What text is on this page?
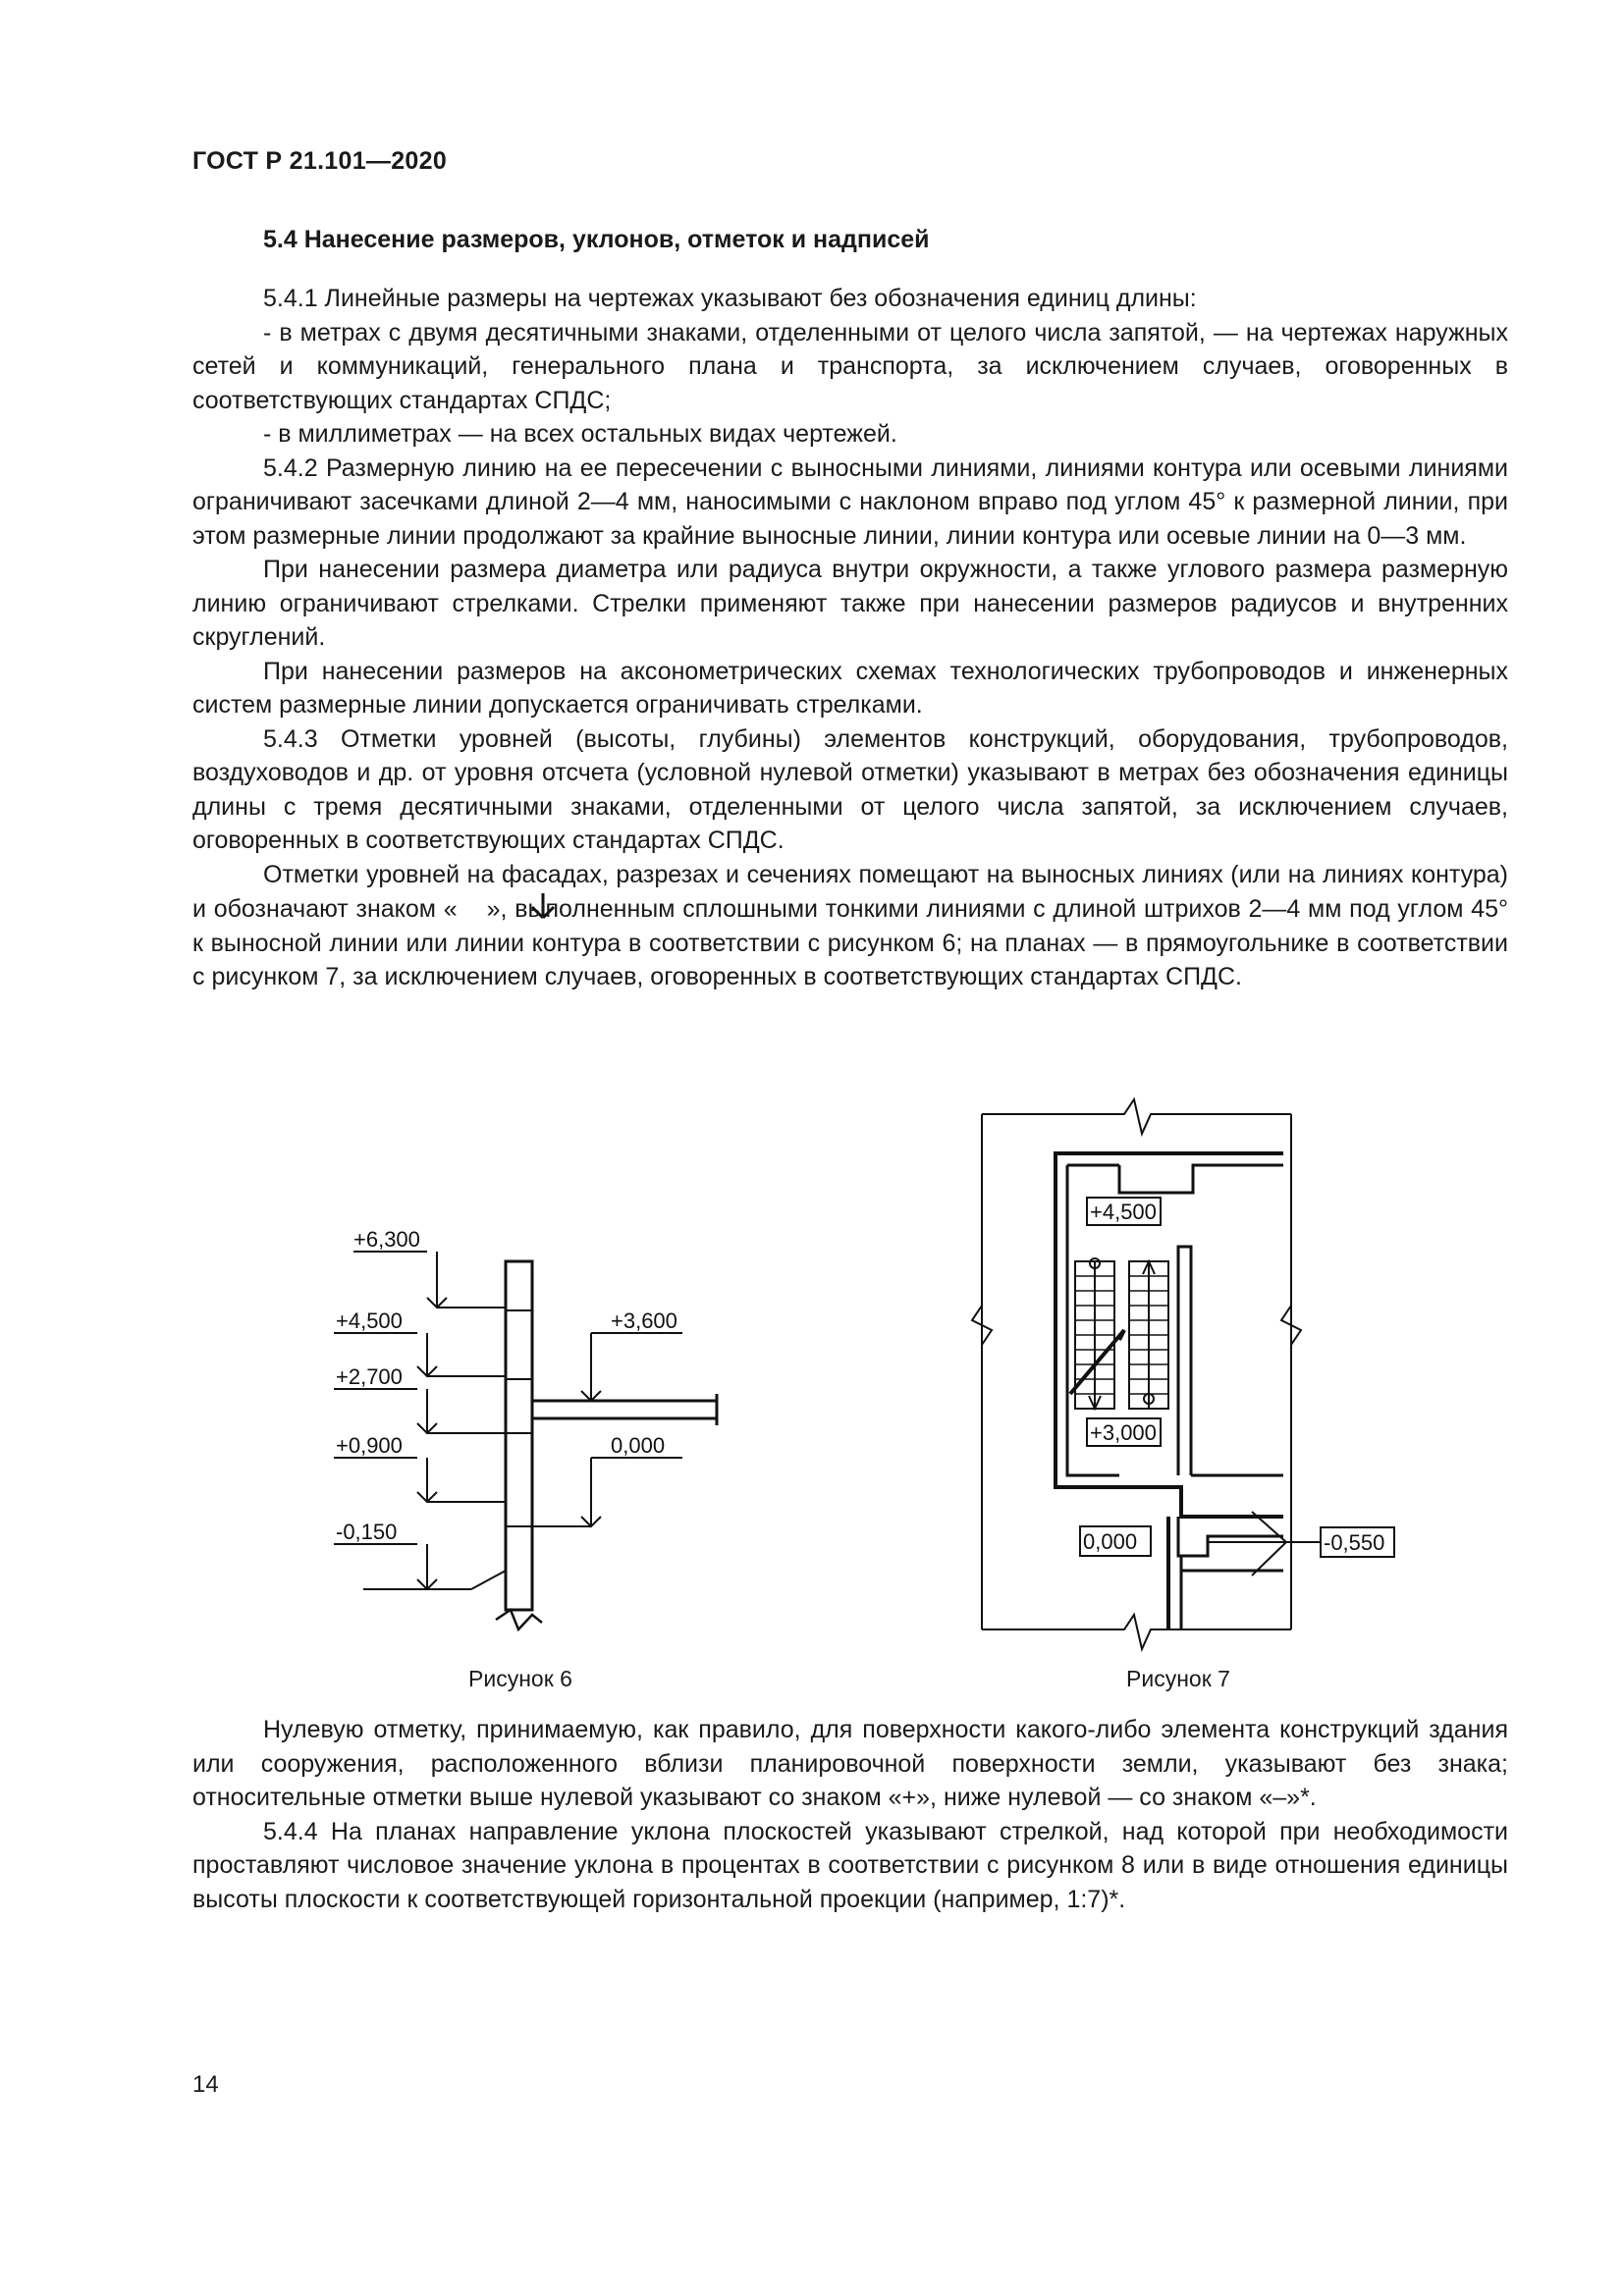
ГОСТ Р 21.101—2020
5.4 Нанесение размеров, уклонов, отметок и надписей

5.4.1 Линейные размеры на чертежах указывают без обозначения единиц длины:

- в метрах с двумя десятичными знаками, отделенными от целого числа запятой, — на чертежах наружных сетей и коммуникаций, генерального плана и транспорта, за исключением случаев, оговоренных в соответствующих стандартах СПДС;

- в миллиметрах — на всех остальных видах чертежей.

5.4.2 Размерную линию на ее пересечении с выносными линиями, линиями контура или осевыми линиями ограничивают засечками длиной 2—4 мм, наносимыми с наклоном вправо под углом 45° к размерной линии, при этом размерные линии продолжают за крайние выносные линии, линии контура или осевые линии на 0—3 мм.

При нанесении размера диаметра или радиуса внутри окружности, а также углового размера размерную линию ограничивают стрелками. Стрелки применяют также при нанесении размеров радиусов и внутренних скруглений.

При нанесении размеров на аксонометрических схемах технологических трубопроводов и инженерных систем размерные линии допускается ограничивать стрелками.

5.4.3 Отметки уровней (высоты, глубины) элементов конструкций, оборудования, трубопроводов, воздуховодов и др. от уровня отсчета (условной нулевой отметки) указывают в метрах без обозначения единицы длины с тремя десятичными знаками, отделенными от целого числа запятой, за исключением случаев, оговоренных в соответствующих стандартах СПДС.

Отметки уровней на фасадах, разрезах и сечениях помещают на выносных линиях (или на линиях контура) и обозначают знаком « », выполненным сплошными тонкими линиями с длиной штрихов 2—4 мм под углом 45° к выносной линии или линии контура в соответствии с рисунком 6; на планах — в прямоугольнике в соответствии с рисунком 7, за исключением случаев, оговоренных в соответствующих стандартах СПДС.

+6,300
+4,500
+2,700
+0,900
-0,150
+3,600
0,000
Рисунок 6
+4,500
+3,000
0,000	-0,550
Рисунок 7

Нулевую отметку, принимаемую, как правило, для поверхности какого-либо элемента конструкций здания или сооружения, расположенного вблизи планировочной поверхности земли, указывают без знака; относительные отметки выше нулевой указывают со знаком «+», ниже нулевой — со знаком «–»*.

5.4.4 На планах направление уклона плоскостей указывают стрелкой, над которой при необходимости проставляют числовое значение уклона в процентах в соответствии с рисунком 8 или в виде отношения единицы высоты плоскости к соответствующей горизонтальной проекции (например, 1:7)*.

14
